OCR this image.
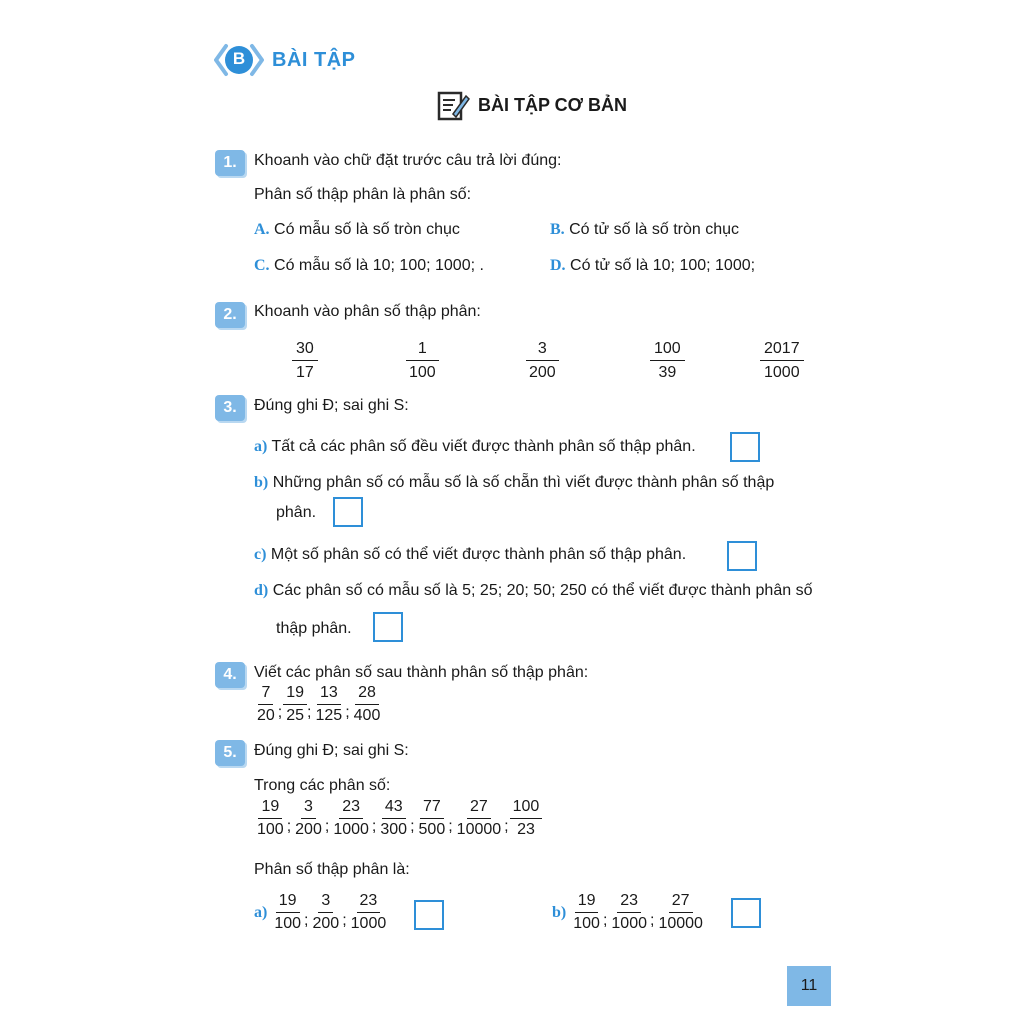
B	BÀI TẬP
BÀI TẬP CƠ BẢN
1.	Khoanh vào chữ đặt trước câu trả lời đúng:
Phân số thập phân là phân số:
A. Có mẫu số là số tròn chục	B. Có tử số là số tròn chục
C. Có mẫu số là 10; 100; 1000; .	D. Có tử số là 10; 100; 1000;
2.	Khoanh vào phân số thập phân:
$\frac{30}{17}$	$\frac{1}{100}$	$\frac{3}{200}$	$\frac{100}{39}$	$\frac{2017}{1000}$
3.	Đúng ghi Đ; sai ghi S:
a) Tất cả các phân số đều viết được thành phân số thập phân.
b) Những phân số có mẫu số là số chẵn thì viết được thành phân số thập
phân.
c) Một số phân số có thể viết được thành phân số thập phân.
d) Các phân số có mẫu số là 5; 25; 20; 50; 250 có thể viết được thành phân số
thập phân.
4.	Viết các phân số sau thành phân số thập phân:
$\frac{7}{20}$ ; $\frac{19}{25}$ ; $\frac{13}{125}$ ; $\frac{28}{400}$
5.	Đúng ghi Đ; sai ghi S:
Trong các phân số:
$\frac{19}{100}$ ; $\frac{3}{200}$ ; $\frac{23}{1000}$ ; $\frac{43}{300}$ ; $\frac{77}{500}$ ; $\frac{27}{10000}$ ; $\frac{100}{23}$
Phân số thập phân là:
$a) \frac{19}{100}$ ; $\frac{3}{200}$ ; $\frac{23}{1000}$	$b) \frac{19}{100}$ ; $\frac{23}{1000}$ ; $\frac{27}{10000}$
11
